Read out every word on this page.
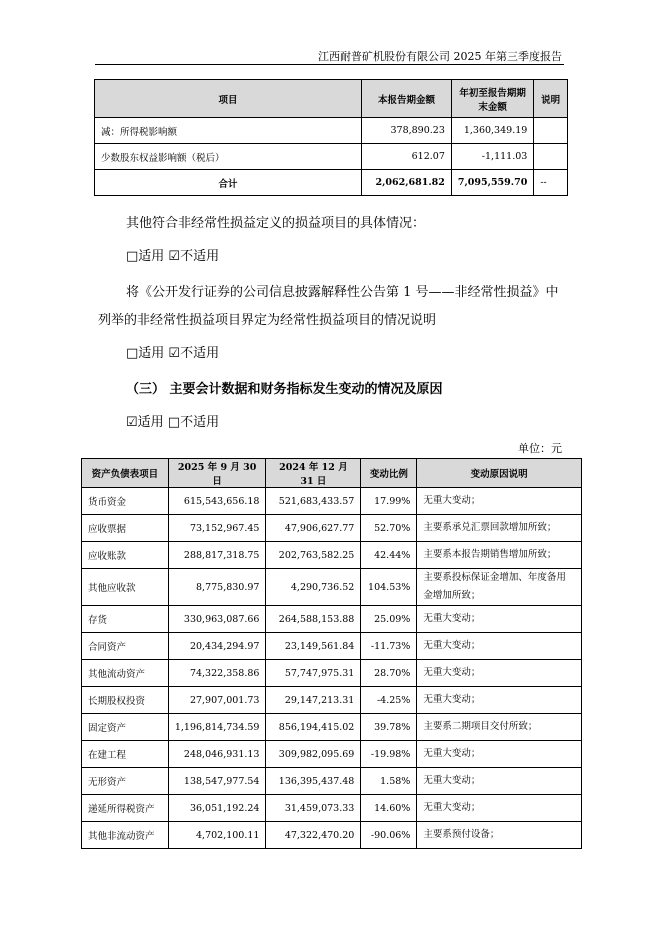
江西耐普矿机股份有限公司 2025 年第三季度报告
项目	本报告期金额	年初至报告期期末金额	说明
减：所得税影响额	378,890.23	1,360,349.19	
少数股东权益影响额（税后）	612.07	-1,111.03	
合计	2,062,681.82	7,095,559.70	--
其他符合非经常性损益定义的损益项目的具体情况：
□适用 ☑不适用
将《公开发行证券的公司信息披露解释性公告第 1 号——非经常性损益》中
列举的非经常性损益项目界定为经常性损益项目的情况说明
□适用 ☑不适用
（三） 主要会计数据和财务指标发生变动的情况及原因
☑适用 □不适用
单位：元
资产负债表项目	2025 年 9 月 30 日	2024 年 12 月 31 日	变动比例	变动原因说明
货币资金	615,543,656.18	521,683,433.57	17.99%	无重大变动；
应收票据	73,152,967.45	47,906,627.77	52.70%	主要系承兑汇票回款增加所致；
应收账款	288,817,318.75	202,763,582.25	42.44%	主要系本报告期销售增加所致；
其他应收款	8,775,830.97	4,290,736.52	104.53%	主要系投标保证金增加、年度备用金增加所致；
存货	330,963,087.66	264,588,153.88	25.09%	无重大变动；
合同资产	20,434,294.97	23,149,561.84	-11.73%	无重大变动；
其他流动资产	74,322,358.86	57,747,975.31	28.70%	无重大变动；
长期股权投资	27,907,001.73	29,147,213.31	-4.25%	无重大变动；
固定资产	1,196,814,734.59	856,194,415.02	39.78%	主要系二期项目交付所致；
在建工程	248,046,931.13	309,982,095.69	-19.98%	无重大变动；
无形资产	138,547,977.54	136,395,437.48	1.58%	无重大变动；
递延所得税资产	36,051,192.24	31,459,073.33	14.60%	无重大变动；
其他非流动资产	4,702,100.11	47,322,470.20	-90.06%	主要系预付设备；
